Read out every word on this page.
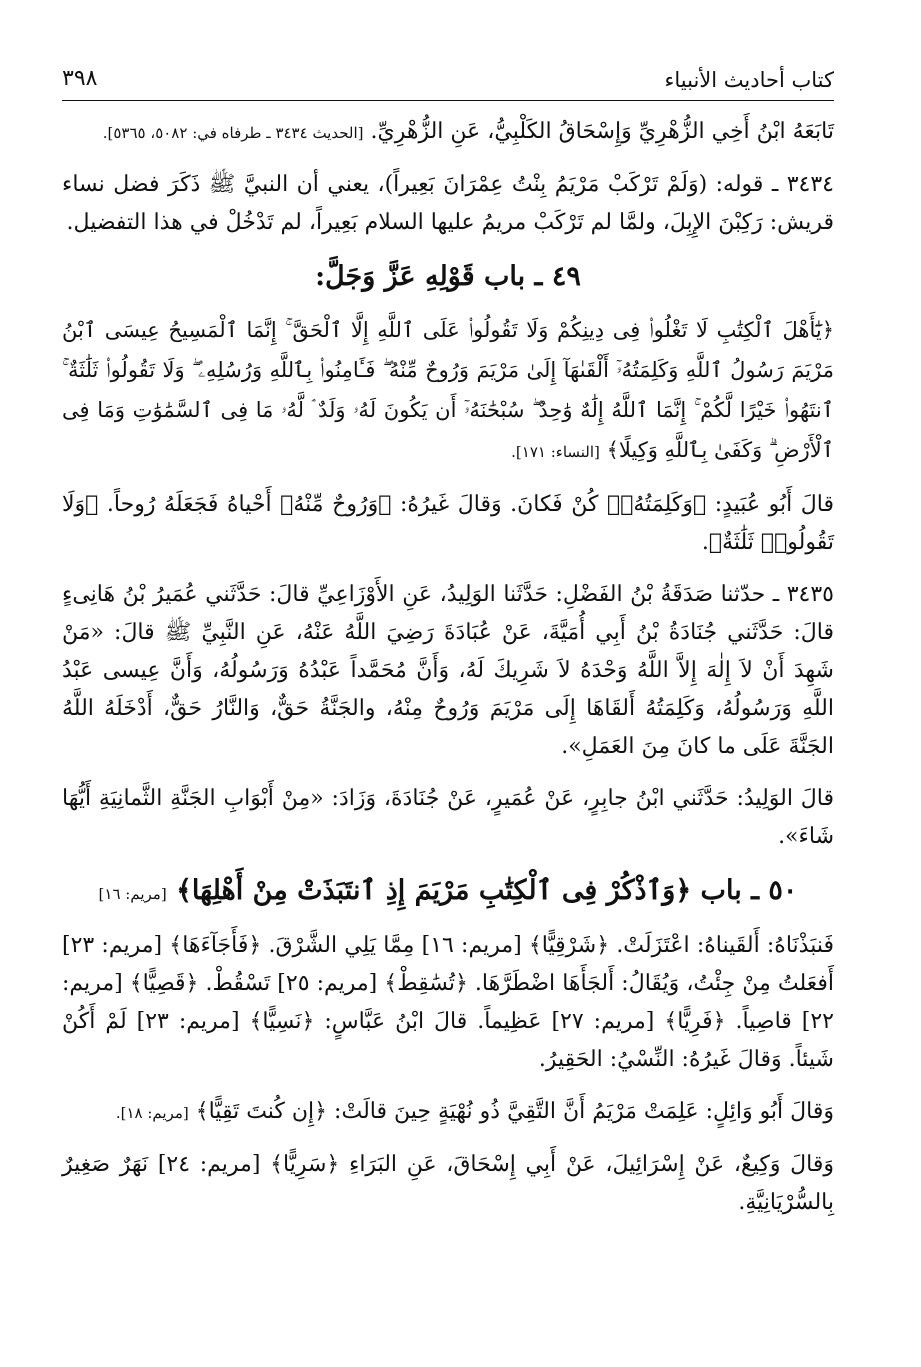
كتاب أحاديث الأنبياء
٣٩٨

تَابَعَهُ ابْنُ أَخِي الزُّهْرِيِّ وَإِسْحَاقُ الكَلْبِيُّ، عَنِ الزُّهْرِيِّ. [الحديث ٣٤٣٤ ـ طرفاه في: ٥٠٨٢، ٥٣٦٥].

٣٤٣٤ ـ قوله: (وَلَمْ تَرْكَبْ مَرْيَمُ بِنْتُ عِمْرَانَ بَعِيراً)، يعني أن النبيَّ ﷺ ذَكَرَ فضل نساء قريش: رَكِبْنَ الإِبِلَ، ولمَّا لم تَرْكَبْ مريمُ عليها السلام بَعِيراً، لم تَدْخُلْ في هذا التفضيل.

٤٩ ـ باب قَوْلِهِ عَزَّ وَجَلَّ:

﴿يَٰٓأَهْلَ ٱلْكِتَٰبِ لَا تَغْلُوا۟ فِى دِينِكُمْ وَلَا تَقُولُوا۟ عَلَى ٱللَّهِ إِلَّا ٱلْحَقَّ ۚ إِنَّمَا ٱلْمَسِيحُ عِيسَى ٱبْنُ مَرْيَمَ رَسُولُ ٱللَّهِ وَكَلِمَتُهُۥٓ أَلْقَىٰهَآ إِلَىٰ مَرْيَمَ وَرُوحٌ مِّنْهُ ۖ فَـَٔامِنُوا۟ بِٱللَّهِ وَرُسُلِهِۦ ۖ وَلَا تَقُولُوا۟ ثَلَٰثَةٌ ۚ ٱنتَهُوا۟ خَيْرًا لَّكُمْ ۚ إِنَّمَا ٱللَّهُ إِلَٰهٌ وَٰحِدٌ ۖ سُبْحَٰنَهُۥٓ أَن يَكُونَ لَهُۥ وَلَدٌ ۘ لَّهُۥ مَا فِى ٱلسَّمَٰوَٰتِ وَمَا فِى ٱلْأَرْضِ ۗ وَكَفَىٰ بِٱللَّهِ وَكِيلًا﴾ [النساء: ١٧١].

قالَ أَبُو عُبَيدٍ: ﴿وَكَلِمَتُهُۥ﴾ كُنْ فَكانَ. وَقالَ غَيرُهُ: ﴿وَرُوحٌ مِّنْهُ﴾ أَحْياهُ فَجَعَلَهُ رُوحاً. ﴿وَلَا تَقُولُوا۟ ثَلَٰثَةٌ﴾.

٣٤٣٥ ـ حدّثنا صَدَقَةُ بْنُ الفَضْلِ: حَدَّثَنا الوَلِيدُ، عَنِ الأَوْزَاعِيِّ قالَ: حَدَّثَني عُمَيرُ بْنُ هَانِىءٍ قالَ: حَدَّثَني جُنَادَةُ بْنُ أَبِي أُمَيَّةَ، عَنْ عُبَادَةَ رَضِيَ اللَّهُ عَنْهُ، عَنِ النَّبِيِّ ﷺ قالَ: «مَنْ شَهِدَ أَنْ لاَ إِلٰهَ إِلاَّ اللَّهُ وَحْدَهُ لاَ شَرِيكَ لَهُ، وَأَنَّ مُحَمَّداً عَبْدُهُ وَرَسُولُهُ، وَأَنَّ عِيسى عَبْدُ اللَّهِ وَرَسُولُهُ، وَكَلِمَتُهُ أَلقَاهَا إِلَى مَرْيَمَ وَرُوحٌ مِنْهُ، والجَنَّةُ حَقٌّ، وَالنَّارُ حَقٌّ، أَدْخَلَهُ اللَّهُ الجَنَّةَ عَلَى ما كانَ مِنَ العَمَلِ».

قالَ الوَلِيدُ: حَدَّثَني ابْنُ جابِرٍ، عَنْ عُمَيرٍ، عَنْ جُنَادَةَ، وَزَادَ: «مِنْ أَبْوَابِ الجَنَّةِ الثَّمانِيَةِ أَيُّهَا شَاءَ».

٥٠ ـ باب ﴿وَٱذْكُرْ فِى ٱلْكِتَٰبِ مَرْيَمَ إِذِ ٱنتَبَذَتْ مِنْ أَهْلِهَا﴾ [مريم: ١٦]

فَنبَذْنَاهُ: أَلقَيناهُ: اعْتَزَلَتْ. ﴿شَرْقِيًّا﴾ [مريم: ١٦] مِمَّا يَلِي الشَّرْقَ. ﴿فَأَجَآءَهَا﴾ [مريم: ٢٣] أَفعَلتُ مِنْ جِئْتُ، وَيُقَالُ: أَلجَأَهَا اضْطَرَّهَا. ﴿تُسَٰقِطْ﴾ [مريم: ٢٥] تَسْقُطْ. ﴿قَصِيًّا﴾ [مريم: ٢٢] قاصِياً. ﴿فَرِيًّا﴾ [مريم: ٢٧] عَظِيماً. قالَ ابْنُ عَبَّاسٍ: ﴿نَسِيًّا﴾ [مريم: ٢٣] لَمْ أَكُنْ شَيئاً. وَقالَ غَيرُهُ: النِّسْيُ: الحَقِيرُ.

وَقالَ أَبُو وَائِلٍ: عَلِمَتْ مَرْيَمُ أَنَّ التَّقِيَّ ذُو نُهْيَةٍ حِينَ قالَتْ: ﴿إِن كُنتَ تَقِيًّا﴾ [مريم: ١٨].

وَقالَ وَكِيعٌ، عَنْ إِسْرَائِيلَ، عَنْ أَبِي إِسْحَاقَ، عَنِ البَرَاءِ ﴿سَرِيًّا﴾ [مريم: ٢٤] نَهَرٌ صَغِيرٌ بِالسُّرْيَانِيَّةِ.
